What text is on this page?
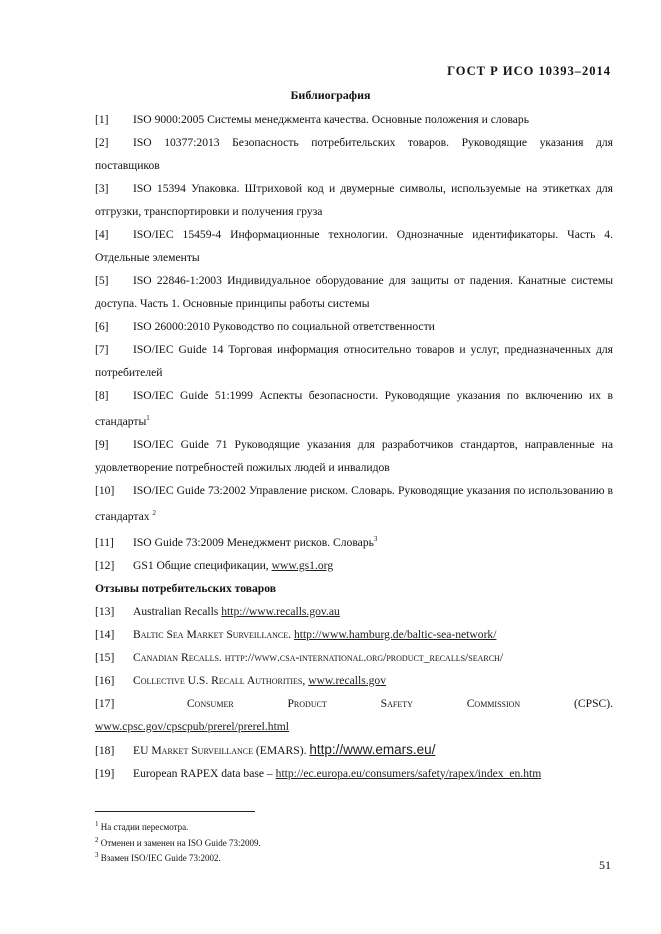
ГОСТ Р ИСО 10393–2014
Библиография
[1] ISO 9000:2005 Системы менеджмента качества. Основные положения и словарь
[2] ISO 10377:2013 Безопасность потребительских товаров. Руководящие указания для поставщиков
[3] ISO 15394 Упаковка. Штриховой код и двумерные символы, используемые на этикетках для отгрузки, транспортировки и получения груза
[4] ISO/IEC 15459-4 Информационные технологии. Однозначные идентификаторы. Часть 4. Отдельные элементы
[5] ISO 22846-1:2003 Индивидуальное оборудование для защиты от падения. Канатные системы доступа. Часть 1. Основные принципы работы системы
[6] ISO 26000:2010 Руководство по социальной ответственности
[7] ISO/IEC Guide 14 Торговая информация относительно товаров и услуг, предназначенных для потребителей
[8] ISO/IEC Guide 51:1999 Аспекты безопасности. Руководящие указания по включению их в стандарты$^1$
[9] ISO/IEC Guide 71 Руководящие указания для разработчиков стандартов, направленные на удовлетворение потребностей пожилых людей и инвалидов
[10] ISO/IEC Guide 73:2002 Управление риском. Словарь. Руководящие указания по использованию в стандартах $^2$
[11] ISO Guide 73:2009 Менеджмент рисков. Словарь$^3$
[12] GS1 Общие спецификации, www.gs1.org
Отзывы потребительских товаров
[13] Australian Recalls http://www.recalls.gov.au
[14] Baltic Sea Market Surveillance. http://www.hamburg.de/baltic-sea-network/
[15] Canadian Recalls. http://www.csa-international.org/product_recalls/search/
[16] Collective U.S. Recall Authorities, www.recalls.gov
[17]	Consumer	Product	Safety	Commission	(CPSC).
www.cpsc.gov/cpscpub/prerel/prerel.html
[18] EU Market Surveillance (EMARS). http://www.emars.eu/
[19] European RAPEX data base – http://ec.europa.eu/consumers/safety/rapex/index_en.htm
$^1$ На стадии пересмотра.
$^2$ Отменен и заменен на ISO Guide 73:2009.
$^3$ Взамен ISO/IEC Guide 73:2002.	51
